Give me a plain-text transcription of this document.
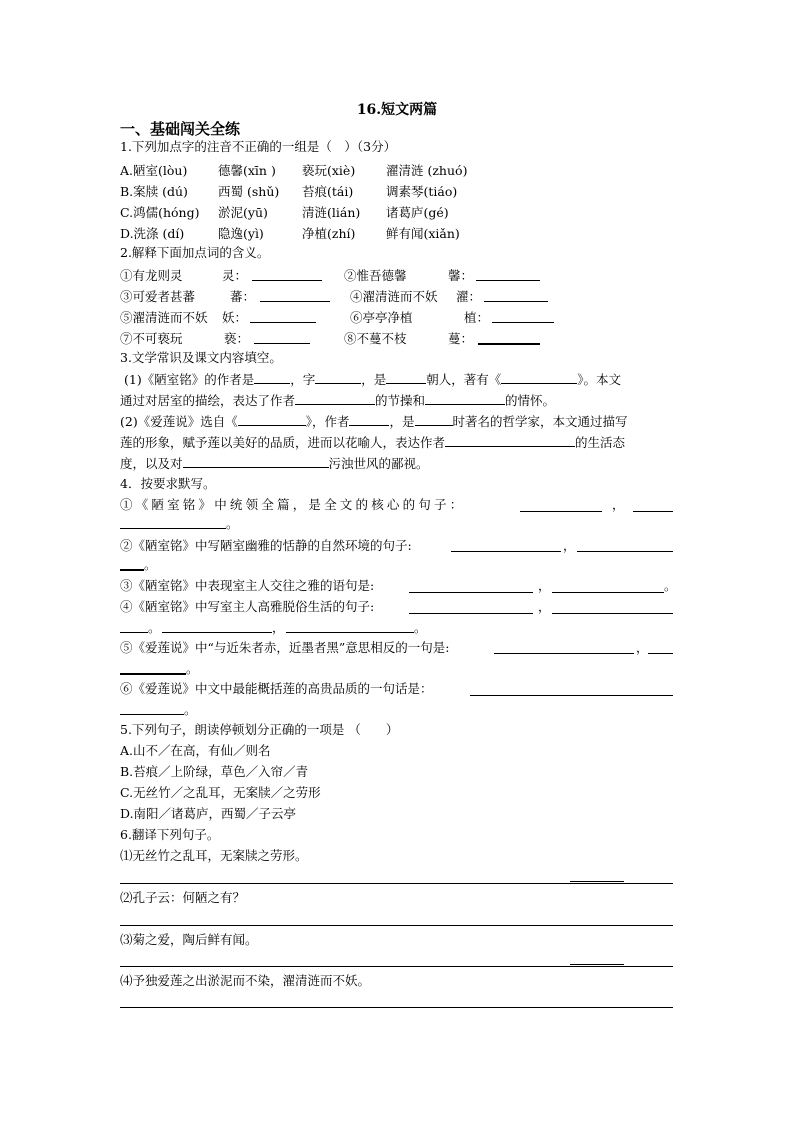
16.短文两篇
一、基础闯关全练
1.下列加点字的注音不正确的一组是（　）（3分）
A.陋室(lòu) 德馨(xīn ) 亵玩(xiè) 濯清涟 (zhuó)
B.案牍 (dú) 西蜀 (shǔ) 苔痕(tái)	调素琴(tiáo)
C.鸿儒(hóng) 淤泥(yū)	清涟(lián) 诸葛庐(gé)
D.洗涤 (dí)	隐逸(yì)	净植(zhí) 鲜有闻(xiǎn)
2.解释下面加点词的含义。
①有龙则灵	灵：	②惟吾德馨	馨：
③可爱者甚蕃	蕃：	④濯清涟而不妖 濯：
⑤濯清涟而不妖 妖：	⑥亭亭净植	植：
⑦不可亵玩	亵：	⑧不蔓不枝	蔓：
3.文学常识及课文内容填空。
(1)《陋室铭》的作者是	，字	，是	朝人，著有《	》。本文
通过对居室的描绘，表达了作者	的节操和	的情怀。
(2)《爱莲说》选自《	》，作者	，是	时著名的哲学家，本文通过描写
莲的形象，赋予莲以美好的品质，进而以花喻人，表达作者	的生活态
度，以及对	污浊世风的鄙视。
4．按要求默写。
①《陋室铭》中统领全篇，是全文的核心的句子：	，
。
②《陋室铭》中写陋室幽雅的恬静的自然环境的句子:	，
。
③《陋室铭》中表现室主人交往之雅的语句是:	，	。
④《陋室铭》中写室主人高雅脱俗生活的句子:	，
。	，	。
⑤《爱莲说》中“与近朱者赤，近墨者黑”意思相反的一句是:	，
。
⑥《爱莲说》中文中最能概括莲的高贵品质的一句话是：
。
5.下列句子，朗读停顿划分正确的一项是 （　　）
A.山不／在高，有仙／则名
B.苔痕／上阶绿，草色／入帘／青
C.无丝竹／之乱耳，无案牍／之劳形
D.南阳／诸葛庐，西蜀／子云亭
6.翻译下列句子。
⑴无丝竹之乱耳，无案牍之劳形。
⑵孔子云：何陋之有？
⑶菊之爱，陶后鲜有闻。
⑷予独爱莲之出淤泥而不染，濯清涟而不妖。
